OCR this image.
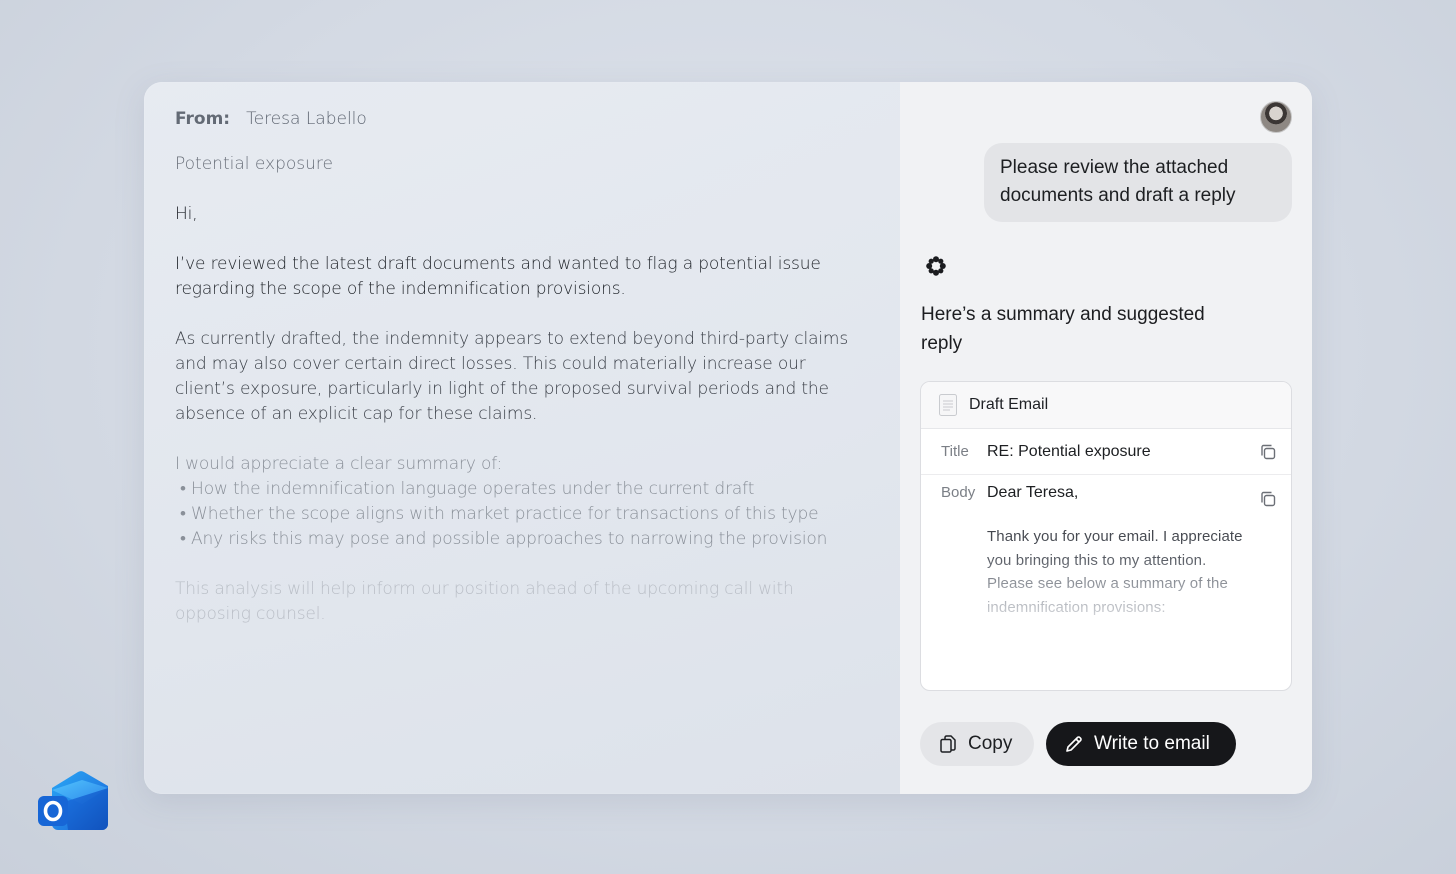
From: Teresa Labello
Potential exposure
Hi,
I’ve reviewed the latest draft documents and wanted to flag a potential issue regarding the scope of the indemnification provisions.
As currently drafted, the indemnity appears to extend beyond third-party claims and may also cover certain direct losses. This could materially increase our client’s exposure, particularly in light of the proposed survival periods and the absence of an explicit cap for these claims.
I would appreciate a clear summary of:
• How the indemnification language operates under the current draft
• Whether the scope aligns with market practice for transactions of this type
• Any risks this may pose and possible approaches to narrowing the provision
This analysis will help inform our position ahead of the upcoming call with opposing counsel.
Please review the attached documents and draft a reply
Here’s a summary and suggested reply
Draft Email
Title	RE: Potential exposure
Body Dear Teresa,
Thank you for your email. I appreciate you bringing this to my attention. Please see below a summary of the indemnification provisions:
Copy	Write to email
